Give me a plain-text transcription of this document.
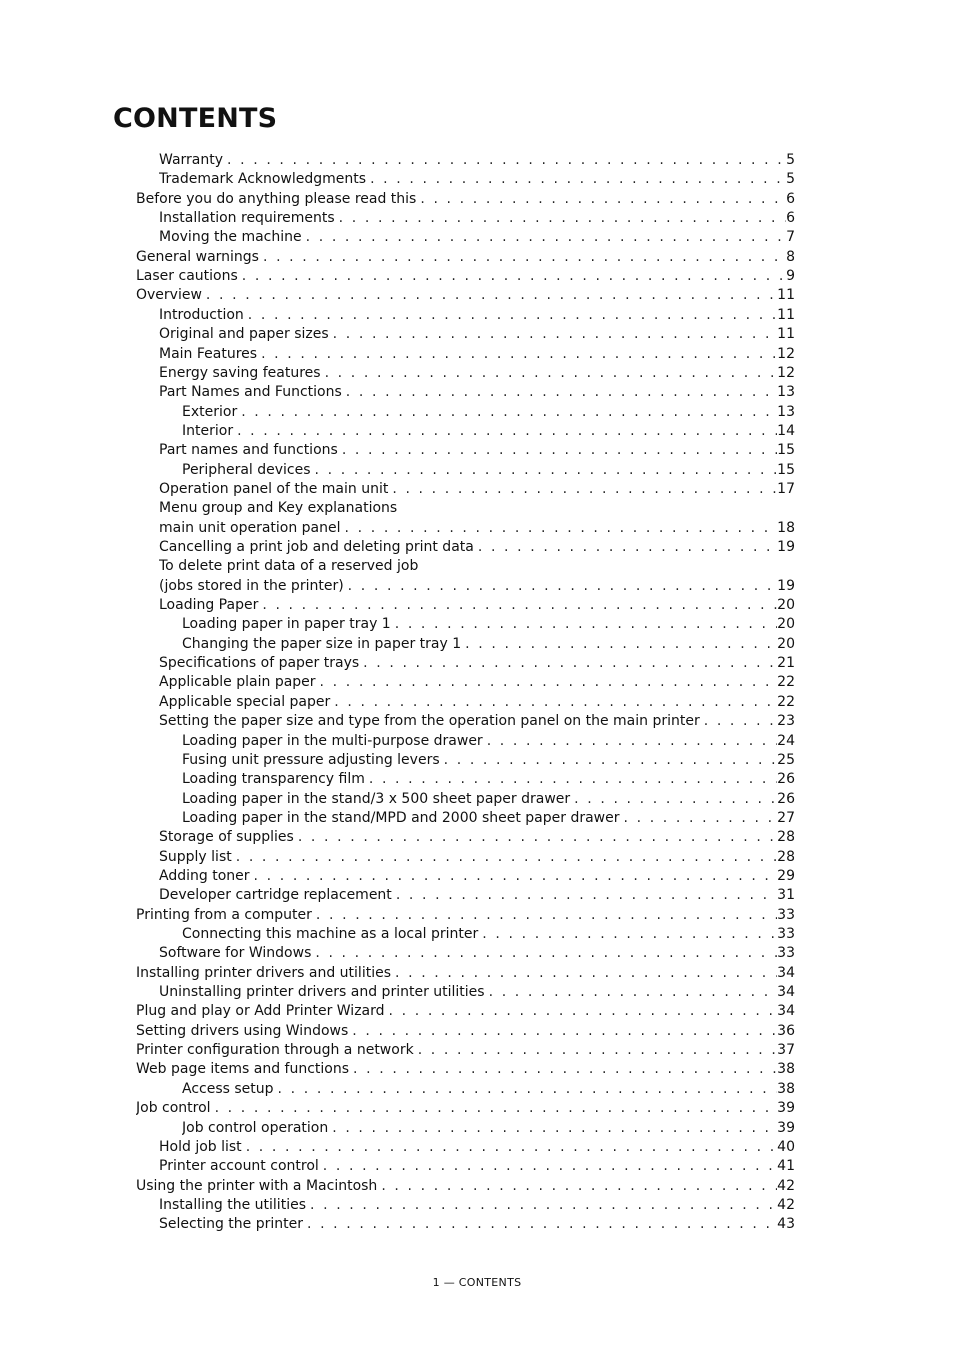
CONTENTS
Warranty . . .	5
Trademark Acknowledgments . . .	5
Before you do anything please read this . . .	6
Installation requirements . . .	6
Moving the machine . . .	7
General warnings . . .	8
Laser cautions . . .	9
Overview . . .	11
Introduction . . .	11
Original and paper sizes . . .	11
Main Features . . .	12
Energy saving features . . .	12
Part Names and Functions . . .	13
Exterior . . .	13
Interior . . .	14
Part names and functions . . .	15
Peripheral devices . . .	15
Operation panel of the main unit . . .	17
Menu group and Key explanations
main unit operation panel . . .	18
Cancelling a print job and deleting print data . . .	19
To delete print data of a reserved job
(jobs stored in the printer) . . .	19
Loading Paper . . .	20
Loading paper in paper tray 1 . . .	20
Changing the paper size in paper tray 1 . . .	20
Specifications of paper trays . . .	21
Applicable plain paper . . .	22
Applicable special paper . . .	22
Setting the paper size and type from the operation panel on the main printer . . .	23
Loading paper in the multi-purpose drawer . . .	24
Fusing unit pressure adjusting levers . . .	25
Loading transparency film . . .	26
Loading paper in the stand/3 x 500 sheet paper drawer . . .	26
Loading paper in the stand/MPD and 2000 sheet paper drawer . . .	27
Storage of supplies . . .	28
Supply list . . .	28
Adding toner . . .	29
Developer cartridge replacement . . .	31
Printing from a computer . . .	33
Connecting this machine as a local printer . . .	33
Software for Windows . . .	33
Installing printer drivers and utilities . . .	34
Uninstalling printer drivers and printer utilities . . .	34
Plug and play or Add Printer Wizard . . .	34
Setting drivers using Windows . . .	36
Printer configuration through a network . . .	37
Web page items and functions . . .	38
Access setup . . .	38
Job control . . .	39
Job control operation . . .	39
Hold job list . . .	40
Printer account control . . .	41
Using the printer with a Macintosh . . .	42
Installing the utilities . . .	42
Selecting the printer . . .	43
1 — CONTENTS
